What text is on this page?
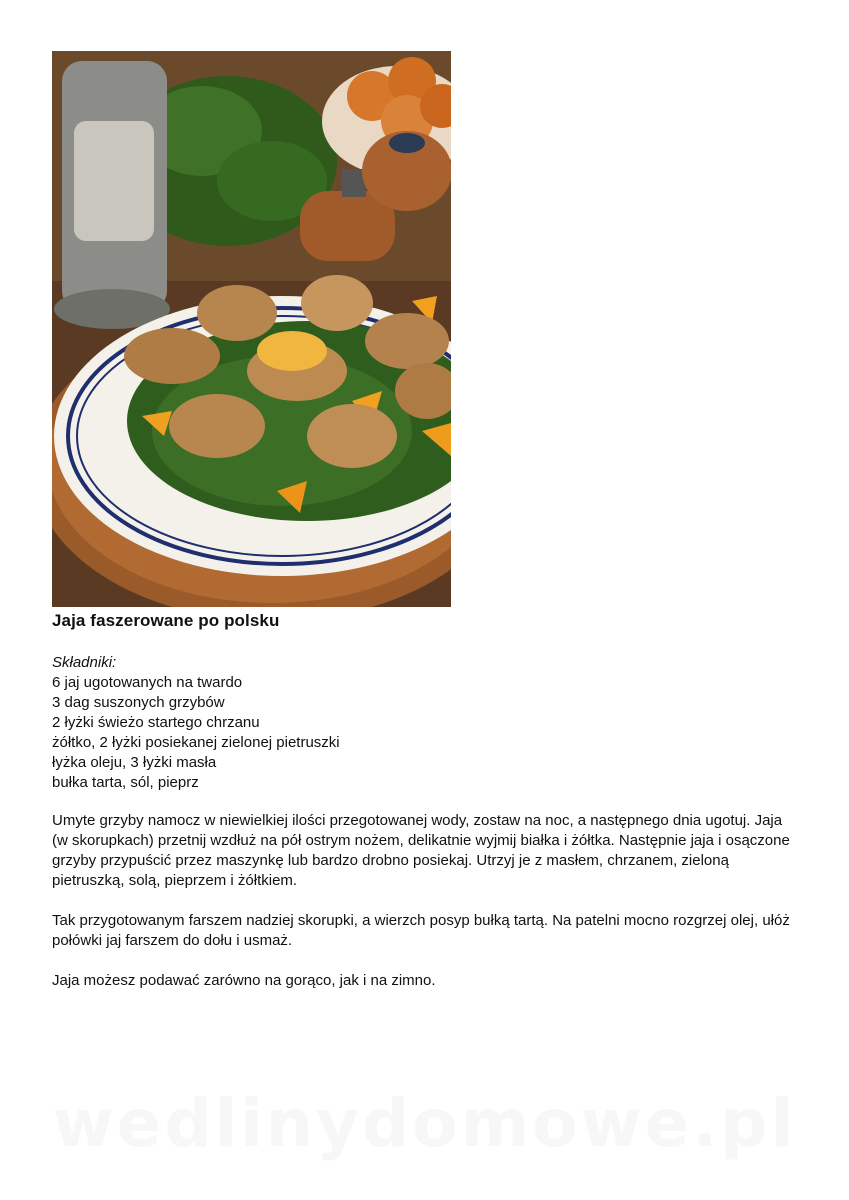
Jaja faszerowane po polsku
Składniki:
6 jaj ugotowanych na twardo
3 dag suszonych grzybów
2 łyżki świeżo startego chrzanu
żółtko, 2 łyżki posiekanej zielonej pietruszki
łyżka oleju, 3 łyżki masła
bułka tarta, sól, pieprz

Umyte grzyby namocz w niewielkiej ilości przegotowanej wody, zostaw na noc, a następnego dnia ugotuj. Jaja (w skorupkach) przetnij wzdłuż na pół ostrym nożem, delikatnie wyjmij białka i żółtka. Następnie jaja i osączone grzyby przypuścić przez maszynkę lub bardzo drobno posiekaj. Utrzyj je z masłem, chrzanem, zieloną pietruszką, solą, pieprzem i żółtkiem.

Tak przygotowanym farszem nadziej skorupki, a wierzch posyp bułką tartą. Na patelni mocno rozgrzej olej, ułóż połówki jaj farszem do dołu i usmaż.

Jaja możesz podawać zarówno na gorąco, jak i na zimno.

wedlinydomowe.pl
